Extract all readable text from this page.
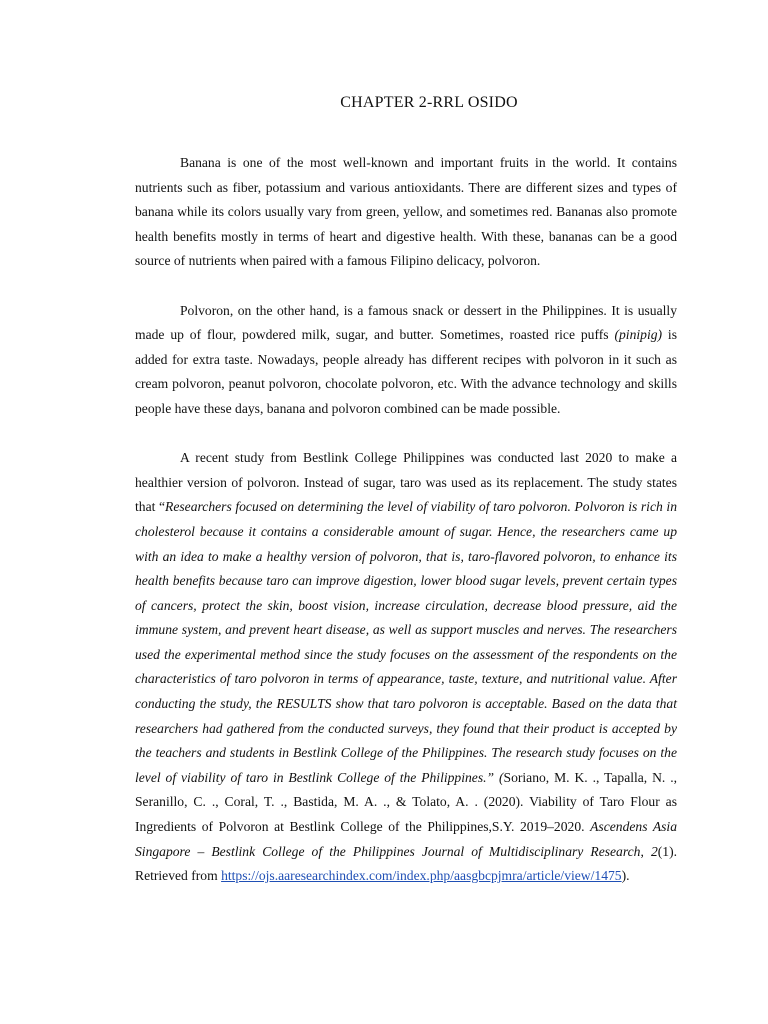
CHAPTER 2-RRL OSIDO

Banana is one of the most well-known and important fruits in the world. It contains nutrients such as fiber, potassium and various antioxidants. There are different sizes and types of banana while its colors usually vary from green, yellow, and sometimes red. Bananas also promote health benefits mostly in terms of heart and digestive health. With these, bananas can be a good source of nutrients when paired with a famous Filipino delicacy, polvoron.

Polvoron, on the other hand, is a famous snack or dessert in the Philippines. It is usually made up of flour, powdered milk, sugar, and butter. Sometimes, roasted rice puffs (pinipig) is added for extra taste. Nowadays, people already has different recipes with polvoron in it such as cream polvoron, peanut polvoron, chocolate polvoron, etc. With the advance technology and skills people have these days, banana and polvoron combined can be made possible.

A recent study from Bestlink College Philippines was conducted last 2020 to make a healthier version of polvoron. Instead of sugar, taro was used as its replacement. The study states that “Researchers focused on determining the level of viability of taro polvoron. Polvoron is rich in cholesterol because it contains a considerable amount of sugar. Hence, the researchers came up with an idea to make a healthy version of polvoron, that is, taro-flavored polvoron, to enhance its health benefits because taro can improve digestion, lower blood sugar levels, prevent certain types of cancers, protect the skin, boost vision, increase circulation, decrease blood pressure, aid the immune system, and prevent heart disease, as well as support muscles and nerves. The researchers used the experimental method since the study focuses on the assessment of the respondents on the characteristics of taro polvoron in terms of appearance, taste, texture, and nutritional value. After conducting the study, the RESULTS show that taro polvoron is acceptable. Based on the data that researchers had gathered from the conducted surveys, they found that their product is accepted by the teachers and students in Bestlink College of the Philippines. The research study focuses on the level of viability of taro in Bestlink College of the Philippines.” (Soriano, M. K. ., Tapalla, N. ., Seranillo, C. ., Coral, T. ., Bastida, M. A. ., & Tolato, A. . (2020). Viability of Taro Flour as Ingredients of Polvoron at Bestlink College of the Philippines,S.Y. 2019–2020. Ascendens Asia Singapore – Bestlink College of the Philippines Journal of Multidisciplinary Research, 2(1). Retrieved from https://ojs.aaresearchindex.com/index.php/aasgbcpjmra/article/view/1475).
